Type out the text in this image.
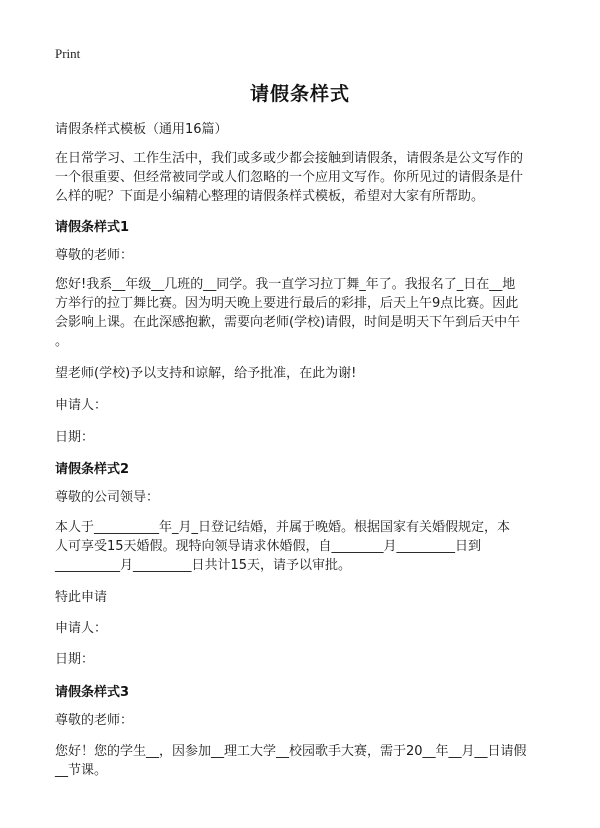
Print
请假条样式
请假条样式模板（通用16篇）
在日常学习、工作生活中，我们或多或少都会接触到请假条，请假条是公文写作的
一个很重要、但经常被同学或人们忽略的一个应用文写作。你所见过的请假条是什
么样的呢？下面是小编精心整理的请假条样式模板，希望对大家有所帮助。
请假条样式1
尊敬的老师：
您好!我系__年级__几班的__同学。我一直学习拉丁舞_年了。我报名了_日在__地
方举行的拉丁舞比赛。因为明天晚上要进行最后的彩排，后天上午9点比赛。因此
会影响上课。在此深感抱歉，需要向老师(学校)请假，时间是明天下午到后天中午
。
望老师(学校)予以支持和谅解，给予批准，在此为谢!
申请人：
日期：
请假条样式2
尊敬的公司领导：
本人于__________年_月_日登记结婚，并属于晚婚。根据国家有关婚假规定，本
人可享受15天婚假。现特向领导请求休婚假，自________月_________日到
__________月_________日共计15天，请予以审批。
特此申请
申请人：
日期：
请假条样式3
尊敬的老师：
您好！您的学生__，因参加__理工大学__校园歌手大赛，需于20__年__月__日请假
__节课。
